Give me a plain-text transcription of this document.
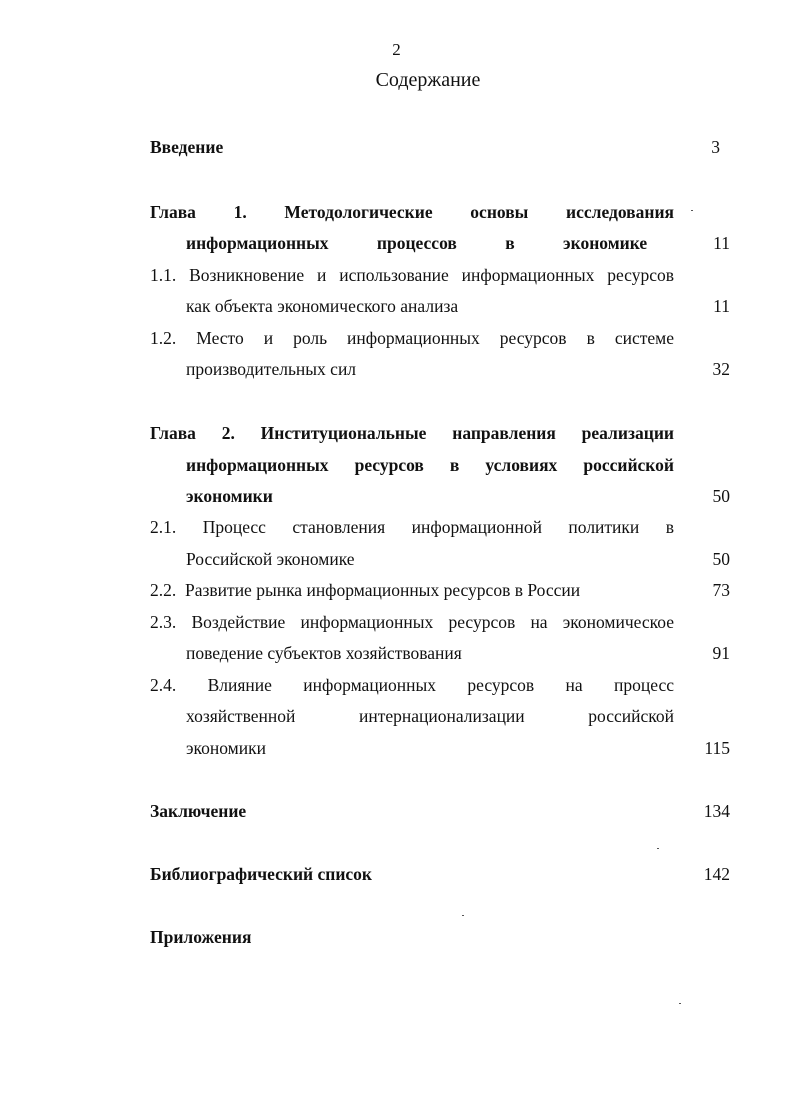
2
Содержание
Введение	3
Глава 1. Методологические основы исследования
информационных процессов в экономике	11
1.1. Возникновение и использование информационных ресурсов
как объекта экономического анализа	11
1.2. Место и роль информационных ресурсов в системе
производительных сил	32
Глава 2. Институциональные направления реализации
информационных ресурсов в условиях российской
экономики	50
2.1. Процесс становления информационной политики в
Российской экономике	50
2.2.  Развитие рынка информационных ресурсов в России	73
2.3. Воздействие информационных ресурсов на экономическое
поведение субъектов хозяйствования	91
2.4. Влияние информационных ресурсов на процесс
хозяйственной интернационализации российской
экономики	115
Заключение	134
Библиографический список	142
Приложения
